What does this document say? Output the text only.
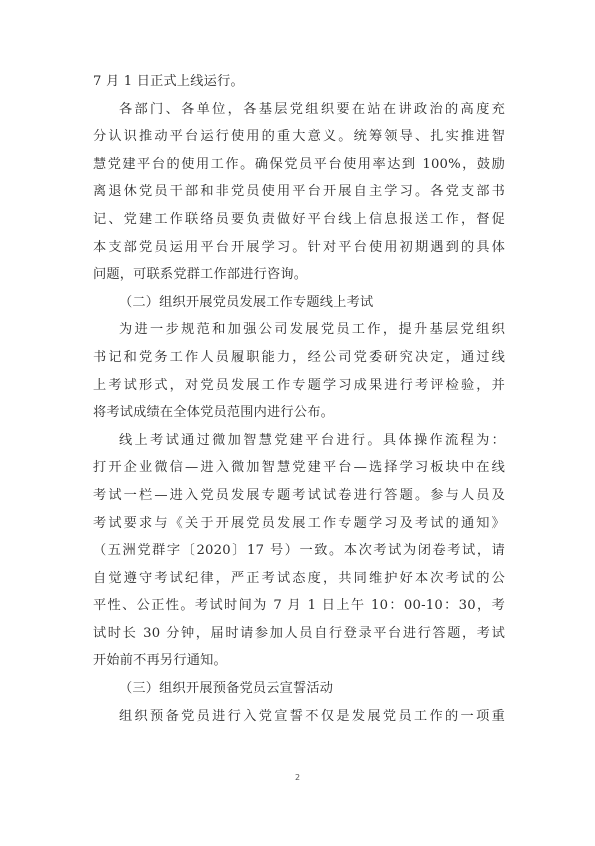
7 月 1 日正式上线运行。
各部门、各单位，各基层党组织要在站在讲政治的高度充
分认识推动平台运行使用的重大意义。统筹领导、扎实推进智
慧党建平台的使用工作。确保党员平台使用率达到 100%，鼓励
离退休党员干部和非党员使用平台开展自主学习。各党支部书
记、党建工作联络员要负责做好平台线上信息报送工作，督促
本支部党员运用平台开展学习。针对平台使用初期遇到的具体
问题，可联系党群工作部进行咨询。
（二）组织开展党员发展工作专题线上考试
为进一步规范和加强公司发展党员工作，提升基层党组织
书记和党务工作人员履职能力，经公司党委研究决定，通过线
上考试形式，对党员发展工作专题学习成果进行考评检验，并
将考试成绩在全体党员范围内进行公布。
线上考试通过微加智慧党建平台进行。具体操作流程为：
打开企业微信—进入微加智慧党建平台—选择学习板块中在线
考试一栏—进入党员发展专题考试试卷进行答题。参与人员及
考试要求与《关于开展党员发展工作专题学习及考试的通知》
（五洲党群字〔2020〕17 号）一致。本次考试为闭卷考试，请
自觉遵守考试纪律，严正考试态度，共同维护好本次考试的公
平性、公正性。考试时间为 7 月 1 日上午 10：00-10：30，考
试时长 30 分钟，届时请参加人员自行登录平台进行答题，考试
开始前不再另行通知。
（三）组织开展预备党员云宣誓活动
组织预备党员进行入党宣誓不仅是发展党员工作的一项重
2
